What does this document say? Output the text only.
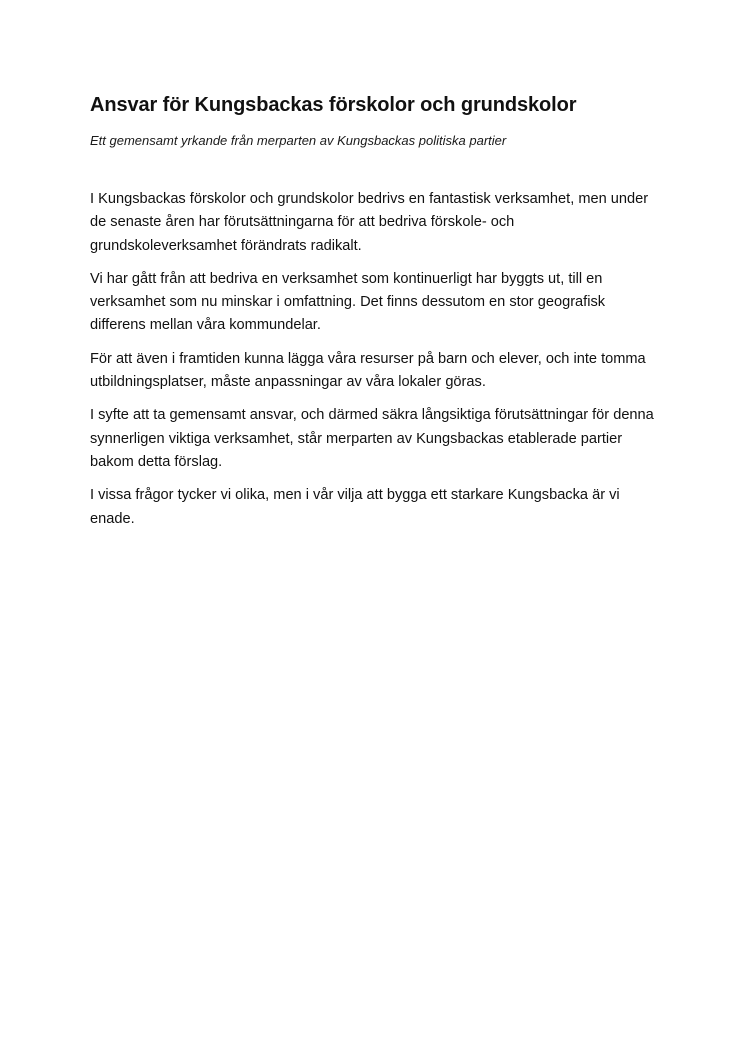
Ansvar för Kungsbackas förskolor och grundskolor

Ett gemensamt yrkande från merparten av Kungsbackas politiska partier

I Kungsbackas förskolor och grundskolor bedrivs en fantastisk verksamhet, men under de senaste åren har förutsättningarna för att bedriva förskole- och grundskoleverksamhet förändrats radikalt.

Vi har gått från att bedriva en verksamhet som kontinuerligt har byggts ut, till en verksamhet som nu minskar i omfattning. Det finns dessutom en stor geografisk differens mellan våra kommundelar.

För att även i framtiden kunna lägga våra resurser på barn och elever, och inte tomma utbildningsplatser, måste anpassningar av våra lokaler göras.

I syfte att ta gemensamt ansvar, och därmed säkra långsiktiga förutsättningar för denna synnerligen viktiga verksamhet, står merparten av Kungsbackas etablerade partier bakom detta förslag.

I vissa frågor tycker vi olika, men i vår vilja att bygga ett starkare Kungsbacka är vi enade.
